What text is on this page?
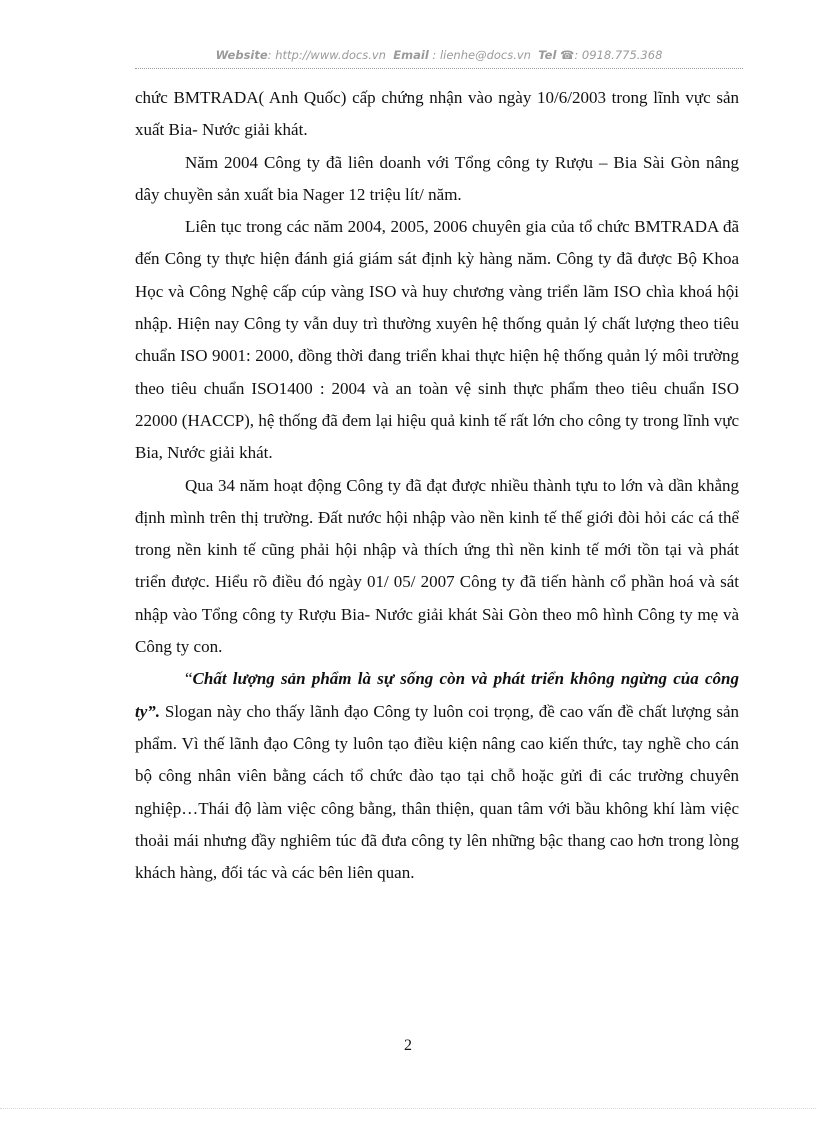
Website: http://www.docs.vn Email : lienhe@docs.vn Tel ☎: 0918.775.368

chức BMTRADA( Anh Quốc) cấp chứng nhận vào ngày 10/6/2003 trong lĩnh vực sản xuất Bia- Nước giải khát.

Năm 2004 Công ty đã liên doanh với Tổng công ty Rượu – Bia Sài Gòn nâng dây chuyền sản xuất bia Nager 12 triệu lít/ năm.

Liên tục trong các năm 2004, 2005, 2006 chuyên gia của tổ chức BMTRADA đã đến Công ty thực hiện đánh giá giám sát định kỳ hàng năm. Công ty đã được Bộ Khoa Học và Công Nghệ cấp cúp vàng ISO và huy chương vàng triển lãm ISO chìa khoá hội nhập. Hiện nay Công ty vẫn duy trì thường xuyên hệ thống quản lý chất lượng theo tiêu chuẩn ISO 9001: 2000, đồng thời đang triển khai thực hiện hệ thống quản lý môi trường theo tiêu chuẩn ISO1400 : 2004 và an toàn vệ sinh thực phẩm theo tiêu chuẩn ISO 22000 (HACCP), hệ thống đã đem lại hiệu quả kinh tế rất lớn cho công ty trong lĩnh vực Bia, Nước giải khát.

Qua 34 năm hoạt động Công ty đã đạt được nhiều thành tựu to lớn và dần khẳng định mình trên thị trường. Đất nước hội nhập vào nền kinh tế thế giới đòi hỏi các cá thể trong nền kinh tế cũng phải hội nhập và thích ứng thì nền kinh tế mới tồn tại và phát triển được. Hiểu rõ điều đó ngày 01/ 05/ 2007 Công ty đã tiến hành cổ phần hoá và sát nhập vào Tổng công ty Rượu Bia- Nước giải khát Sài Gòn theo mô hình Công ty mẹ và Công ty con.

“Chất lượng sản phẩm là sự sống còn và phát triển không ngừng của công ty”. Slogan này cho thấy lãnh đạo Công ty luôn coi trọng, đề cao vấn đề chất lượng sản phẩm. Vì thế lãnh đạo Công ty luôn tạo điều kiện nâng cao kiến thức, tay nghề cho cán bộ công nhân viên bằng cách tổ chức đào tạo tại chỗ hoặc gửi đi các trường chuyên nghiệp…Thái độ làm việc công bằng, thân thiện, quan tâm với bầu không khí làm việc thoải mái nhưng đầy nghiêm túc đã đưa công ty lên những bậc thang cao hơn trong lòng khách hàng, đối tác và các bên liên quan.

2
